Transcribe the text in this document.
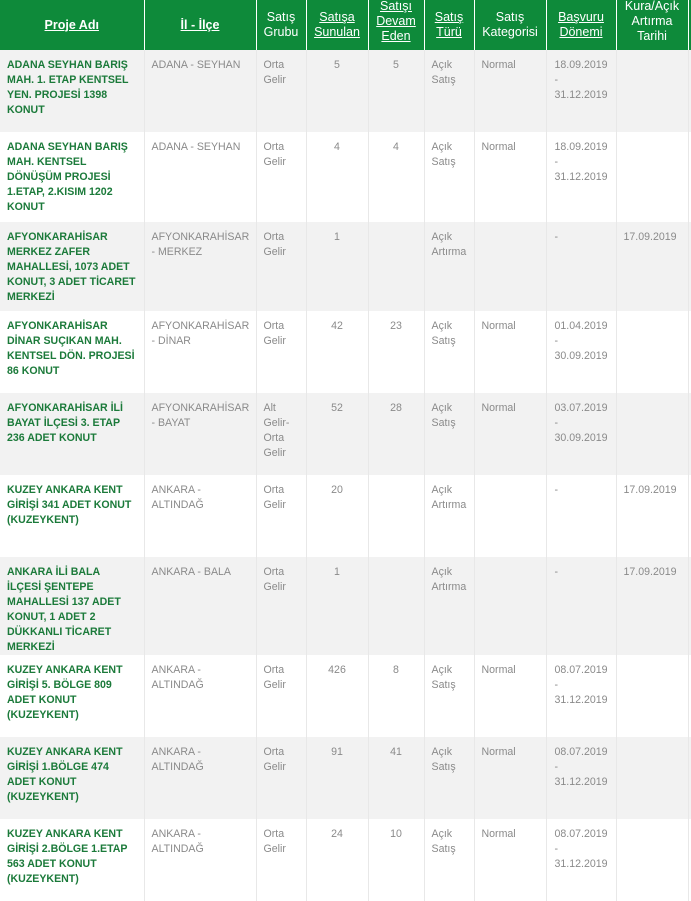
Proje Adı	İl - İlçe	Satış Grubu	Satışa Sunulan	Satışı Devam Eden	Satış Türü	Satış Kategorisi	Başvuru Dönemi	Kura/Açık Artırma Tarihi	

ADANA SEYHAN BARIŞ MAH. 1. ETAP KENTSEL YEN. PROJESİ 1398 KONUT	ADANA - SEYHAN	Orta Gelir	5	5	Açık Satış	Normal	18.09.2019 - 31.12.2019		
ADANA SEYHAN BARIŞ MAH. KENTSEL DÖNÜŞÜM PROJESİ 1.ETAP, 2.KISIM 1202 KONUT	ADANA - SEYHAN	Orta Gelir	4	4	Açık Satış	Normal	18.09.2019 - 31.12.2019		
AFYONKARAHİSAR MERKEZ ZAFER MAHALLESİ, 1073 ADET KONUT, 3 ADET TİCARET MERKEZİ	AFYONKARAHİSAR - MERKEZ	Orta Gelir	1		Açık Artırma		-	17.09.2019	
AFYONKARAHİSAR DİNAR SUÇIKAN MAH. KENTSEL DÖN. PROJESİ 86 KONUT	AFYONKARAHİSAR - DİNAR	Orta Gelir	42	23	Açık Satış	Normal	01.04.2019 - 30.09.2019		
AFYONKARAHİSAR İLİ BAYAT İLÇESİ 3. ETAP 236 ADET KONUT	AFYONKARAHİSAR - BAYAT	Alt Gelir-Orta Gelir	52	28	Açık Satış	Normal	03.07.2019 - 30.09.2019		
KUZEY ANKARA KENT GİRİŞİ 341 ADET KONUT (KUZEYKENT)	ANKARA - ALTINDAĞ	Orta Gelir	20		Açık Artırma		-	17.09.2019	
ANKARA İLİ BALA İLÇESİ ŞENTEPE MAHALLESİ 137 ADET KONUT, 1 ADET 2 DÜKKANLI TİCARET MERKEZİ	ANKARA - BALA	Orta Gelir	1		Açık Artırma		-	17.09.2019	
KUZEY ANKARA KENT GİRİŞİ 5. BÖLGE 809 ADET KONUT (KUZEYKENT)	ANKARA - ALTINDAĞ	Orta Gelir	426	8	Açık Satış	Normal	08.07.2019 - 31.12.2019		
KUZEY ANKARA KENT GİRİŞİ 1.BÖLGE 474 ADET KONUT (KUZEYKENT)	ANKARA - ALTINDAĞ	Orta Gelir	91	41	Açık Satış	Normal	08.07.2019 - 31.12.2019		
KUZEY ANKARA KENT GİRİŞİ 2.BÖLGE 1.ETAP 563 ADET KONUT (KUZEYKENT)	ANKARA - ALTINDAĞ	Orta Gelir	24	10	Açık Satış	Normal	08.07.2019 - 31.12.2019		
